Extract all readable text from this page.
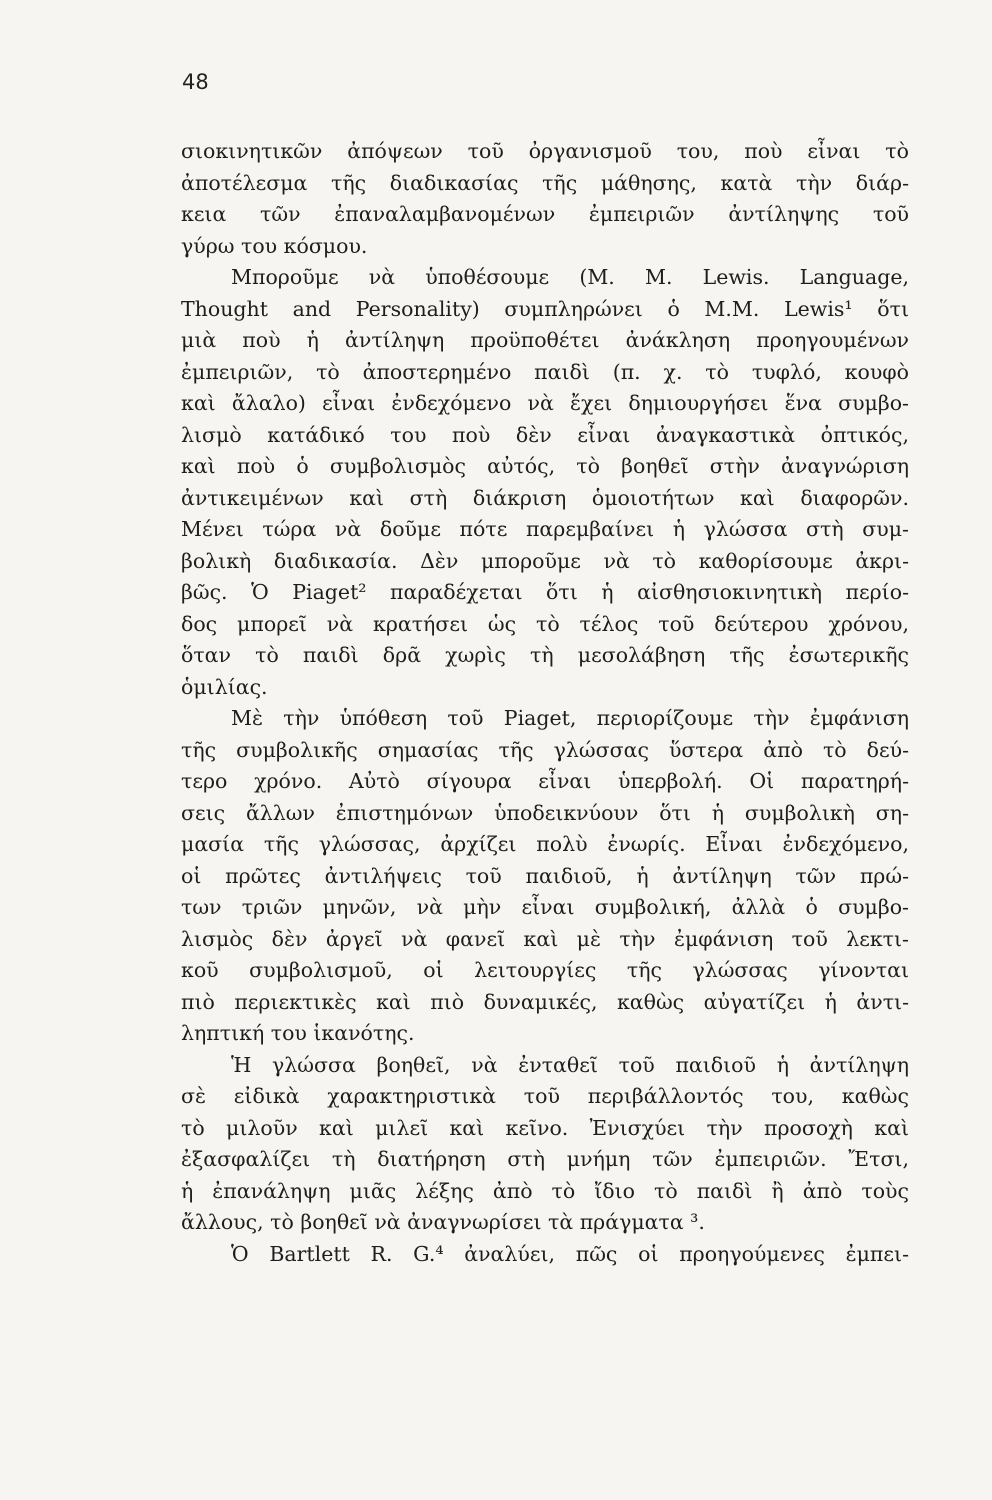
48
σιοκινητικῶν ἀπόψεων τοῦ ὀργανισμοῦ του, ποὺ εἶναι τὸ
ἀποτέλεσμα τῆς διαδικασίας τῆς μάθησης, κατὰ τὴν διάρ-
κεια τῶν ἐπαναλαμβανομένων ἐμπειριῶν ἀντίληψης τοῦ
γύρω του κόσμου.
Μποροῦμε νὰ ὑποθέσουμε (M. M. Lewis. Language,
Thought and Personality) συμπληρώνει ὁ M.M. Lewis¹ ὅτι
μιὰ ποὺ ἡ ἀντίληψη προϋποθέτει ἀνάκληση προηγουμένων
ἐμπειριῶν, τὸ ἀποστερημένο παιδὶ (π. χ. τὸ τυφλό, κουφὸ
καὶ ἄλαλο) εἶναι ἐνδεχόμενο νὰ ἔχει δημιουργήσει ἕνα συμβο-
λισμὸ κατάδικό του ποὺ δὲν εἶναι ἀναγκαστικὰ ὀπτικός,
καὶ ποὺ ὁ συμβολισμὸς αὐτός, τὸ βοηθεῖ στὴν ἀναγνώριση
ἀντικειμένων καὶ στὴ διάκριση ὁμοιοτήτων καὶ διαφορῶν.
Μένει τώρα νὰ δοῦμε πότε παρεμβαίνει ἡ γλώσσα στὴ συμ-
βολικὴ διαδικασία. Δὲν μποροῦμε νὰ τὸ καθορίσουμε ἀκρι-
βῶς. Ὁ Piaget² παραδέχεται ὅτι ἡ αἰσθησιοκινητικὴ περίο-
δος μπορεῖ νὰ κρατήσει ὡς τὸ τέλος τοῦ δεύτερου χρόνου,
ὅταν τὸ παιδὶ δρᾶ χωρὶς τὴ μεσολάβηση τῆς ἐσωτερικῆς
ὁμιλίας.
Μὲ τὴν ὑπόθεση τοῦ Piaget, περιορίζουμε τὴν ἐμφάνιση
τῆς συμβολικῆς σημασίας τῆς γλώσσας ὕστερα ἀπὸ τὸ δεύ-
τερο χρόνο. Αὐτὸ σίγουρα εἶναι ὑπερβολή. Οἱ παρατηρή-
σεις ἄλλων ἐπιστημόνων ὑποδεικνύουν ὅτι ἡ συμβολικὴ ση-
μασία τῆς γλώσσας, ἀρχίζει πολὺ ἐνωρίς. Εἶναι ἐνδεχόμενο,
οἱ πρῶτες ἀντιλήψεις τοῦ παιδιοῦ, ἡ ἀντίληψη τῶν πρώ-
των τριῶν μηνῶν, νὰ μὴν εἶναι συμβολική, ἀλλὰ ὁ συμβο-
λισμὸς δὲν ἀργεῖ νὰ φανεῖ καὶ μὲ τὴν ἐμφάνιση τοῦ λεκτι-
κοῦ συμβολισμοῦ, οἱ λειτουργίες τῆς γλώσσας γίνονται
πιὸ περιεκτικὲς καὶ πιὸ δυναμικές, καθὼς αὐγατίζει ἡ ἀντι-
ληπτική του ἱκανότης.
Ἡ γλώσσα βοηθεῖ, νὰ ἐνταθεῖ τοῦ παιδιοῦ ἡ ἀντίληψη
σὲ εἰδικὰ χαρακτηριστικὰ τοῦ περιβάλλοντός του, καθὼς
τὸ μιλοῦν καὶ μιλεῖ καὶ κεῖνο. Ἐνισχύει τὴν προσοχὴ καὶ
ἐξασφαλίζει τὴ διατήρηση στὴ μνήμη τῶν ἐμπειριῶν. Ἔτσι,
ἡ ἐπανάληψη μιᾶς λέξης ἀπὸ τὸ ἴδιο τὸ παιδὶ ἢ ἀπὸ τοὺς
ἄλλους, τὸ βοηθεῖ νὰ ἀναγνωρίσει τὰ πράγματα ³.
Ὁ Bartlett R. G.⁴ ἀναλύει, πῶς οἱ προηγούμενες ἐμπει-
